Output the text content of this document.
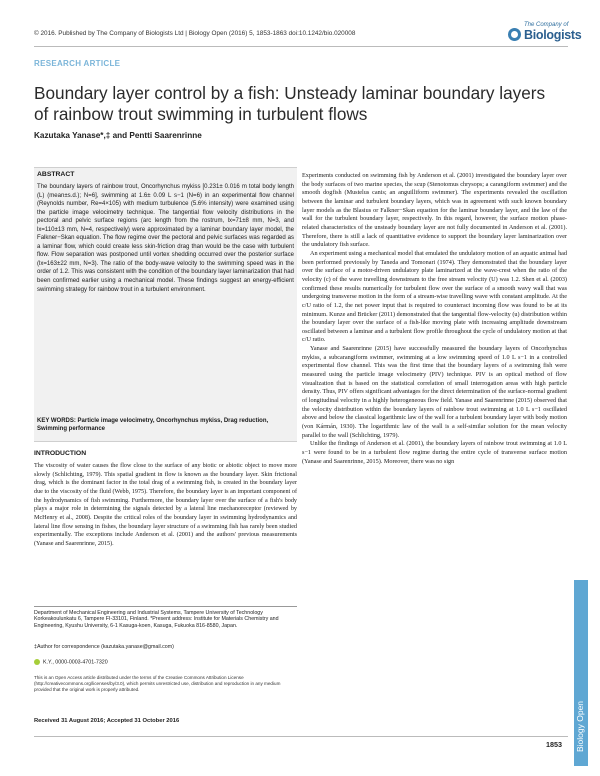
© 2016. Published by The Company of Biologists Ltd | Biology Open (2016) 5, 1853-1863 doi:10.1242/bio.020008
The Company of
Biologists
RESEARCH ARTICLE
Boundary layer control by a fish: Unsteady laminar boundary layers of rainbow trout swimming in turbulent flows
Kazutaka Yanase*,‡ and Pentti Saarenrinne
ABSTRACT
The boundary layers of rainbow trout, Oncorhynchus mykiss [0.231± 0.016 m total body length (L) (mean±s.d.); N=6], swimming at 1.6± 0.09 L s−1 (N=6) in an experimental flow channel (Reynolds number, Re=4×105) with medium turbulence (5.6% intensity) were examined using the particle image velocimetry technique. The tangential flow velocity distributions in the pectoral and pelvic surface regions (arc length from the rostrum, lx=71±8 mm, N=3, and lx=110±13 mm, N=4, respectively) were approximated by a laminar boundary layer model, the Falkner−Skan equation. The flow regime over the pectoral and pelvic surfaces was regarded as a laminar flow, which could create less skin-friction drag than would be the case with turbulent flow. Flow separation was postponed until vortex shedding occurred over the posterior surface (lx=163±22 mm, N=3). The ratio of the body-wave velocity to the swimming speed was in the order of 1.2. This was consistent with the condition of the boundary layer laminarization that had been confirmed earlier using a mechanical model. These findings suggest an energy-efficient swimming strategy for rainbow trout in a turbulent environment.
KEY WORDS: Particle image velocimetry, Oncorhynchus mykiss, Drag reduction, Swimming performance
INTRODUCTION
The viscosity of water causes the flow close to the surface of any biotic or abiotic object to move more slowly (Schlichting, 1979). This spatial gradient in flow is known as the boundary layer. Skin frictional drag, which is the dominant factor in the total drag of a swimming fish, is created in the boundary layer due to the viscosity of the fluid (Webb, 1975). Therefore, the boundary layer is an important component of the hydrodynamics of fish swimming. Furthermore, the boundary layer over the surface of a fish's body plays a major role in determining the signals detected by a lateral line mechanoreceptor (reviewed by McHenry et al., 2008). Despite the critical roles of the boundary layer in swimming hydrodynamics and lateral line flow sensing in fishes, the boundary layer structure of a swimming fish has rarely been studied experimentally. The exceptions include Anderson et al. (2001) and the authors' previous measurements (Yanase and Saarenrinne, 2015).
Department of Mechanical Engineering and Industrial Systems, Tampere University of Technology Korkeakoulunkatu 6, Tampere FI-33101, Finland. *Present address: Institute for Materials Chemistry and Engineering, Kyushu University, 6-1 Kasuga-koen, Kasuga, Fukuoka 816-8580, Japan.
‡Author for correspondence (kazutaka.yanase@gmail.com)
K.Y., 0000-0003-4701-7320
This is an Open Access article distributed under the terms of the Creative Commons Attribution License (http://creativecommons.org/licenses/by/3.0), which permits unrestricted use, distribution and reproduction in any medium provided that the original work is properly attributed.
Received 31 August 2016; Accepted 31 October 2016

Experiments conducted on swimming fish by Anderson et al. (2001) investigated the boundary layer over the body surfaces of two marine species, the scup (Stenotomus chrysops; a carangiform swimmer) and the smooth dogfish (Mustelus canis; an anguilliform swimmer). The experiments revealed the oscillation between the laminar and turbulent boundary layers, which was in agreement with such known boundary layer models as the Blasius or Falkner−Skan equation for the laminar boundary layer, and the law of the wall for the turbulent boundary layer, respectively. In this regard, however, the surface motion phase-related characteristics of the unsteady boundary layer are not fully documented in Anderson et al. (2001). Therefore, there is still a lack of quantitative evidence to support the boundary layer laminarization over the undulatory fish surface.

An experiment using a mechanical model that emulated the undulatory motion of an aquatic animal had been performed previously by Taneda and Tomonari (1974). They demonstrated that the boundary layer over the surface of a motor-driven undulatory plate laminarized at the wave-crest when the ratio of the velocity (c) of the wave travelling downstream to the free stream velocity (U) was 1.2. Shen et al. (2003) confirmed these results numerically for turbulent flow over the surface of a smooth wavy wall that was undergoing transverse motion in the form of a stream-wise travelling wave with constant amplitude. At the c/U ratio of 1.2, the net power input that is required to counteract incoming flow was found to be at its minimum. Kunze and Brücker (2011) demonstrated that the tangential flow-velocity (u) distribution within the boundary layer over the surface of a fish-like moving plate with increasing amplitude downstream oscillated between a laminar and a turbulent flow profile throughout the cycle of undulatory motion at that c/U ratio.

Yanase and Saarenrinne (2015) have successfully measured the boundary layers of Oncorhynchus mykiss, a subcarangiform swimmer, swimming at a low swimming speed of 1.0 L s−1 in a controlled experimental flow channel. This was the first time that the boundary layers of a swimming fish were measured using the particle image velocimetry (PIV) technique. PIV is an optical method of flow visualization that is based on the statistical correlation of small interrogation areas with high particle density. Thus, PIV offers significant advantages for the direct determination of the surface-normal gradient of longitudinal velocity in a highly heterogeneous flow field. Yanase and Saarenrinne (2015) observed that the velocity distribution within the boundary layers of rainbow trout swimming at 1.0 L s−1 oscillated above and below the classical logarithmic law of the wall for a turbulent boundary layer with body motion (von Kármán, 1930). The logarithmic law of the wall is a self-similar solution for the mean velocity parallel to the wall (Schlichting, 1979).

Unlike the findings of Anderson et al. (2001), the boundary layers of rainbow trout swimming at 1.0 L s−1 were found to be in a turbulent flow regime during the entire cycle of transverse surface motion (Yanase and Saarenrinne, 2015). Moreover, there was no sign

1853 Biology Open
